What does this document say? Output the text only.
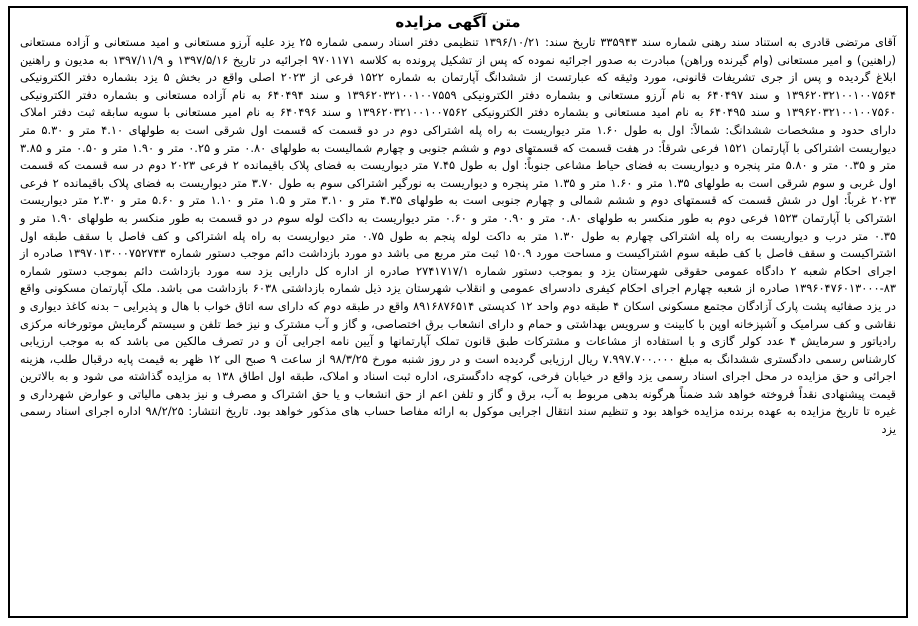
متن آگهی مزایده

آقای مرتضی قادری به استناد سند رهنی شماره سند ۳۳۵۹۴۳ تاریخ سند: ۱۳۹۶/۱۰/۲۱ تنظیمی دفتر اسناد رسمی شماره ۲۵ یزد علیه آرزو مستعانی و امید مستعانی و آزاده مستعانی (راهنین) و امیر مستعانی (وام گیرنده وراهن) مبادرت به صدور اجرائیه نموده که پس از تشکیل پرونده به کلاسه ۹۷۰۱۱۷۱ اجرائیه در تاریخ ۱۳۹۷/۵/۱۶ و ۱۳۹۷/۱۱/۹ به مدیون و راهنین ابلاغ گردیده و پس از جری تشریفات قانونی، مورد وثیقه که عبارتست از ششدانگ آپارتمان به شماره ۱۵۲۲ فرعی از ۲۰۲۳ اصلی واقع در بخش ۵ یزد بشماره دفتر الکترونیکی ۱۳۹۶۲۰۳۲۱۰۰۱۰۰۷۵۶۴ و سند ۶۴۰۴۹۷ به نام آرزو مستعانی و بشماره دفتر الکترونیکی ۱۳۹۶۲۰۳۲۱۰۰۱۰۰۷۵۵۹ و سند ۶۴۰۴۹۴ به نام آزاده مستعانی و بشماره دفتر الکترونیکی ۱۳۹۶۲۰۳۲۱۰۰۱۰۰۷۵۶۰ و سند ۶۴۰۴۹۵ به نام امید مستعانی و بشماره دفتر الکترونیکی ۱۳۹۶۲۰۳۲۱۰۰۱۰۰۷۵۶۲ و سند ۶۴۰۴۹۶ به نام امیر مستعانی با سویه سابقه ثبت دفتر املاک دارای حدود و مشخصات ششدانگ: شمالاً: اول به طول ۱.۶۰ متر دیواریست به راه پله اشتراکی دوم در دو قسمت که قسمت اول شرقی است به طولهای ۴.۱۰ متر و ۵.۳۰ متر دیواریست اشتراکی با آپارتمان ۱۵۲۱ فرعی شرقاً: در هفت قسمت که قسمتهای دوم و ششم جنوبی و چهارم شمالیست به طولهای ۰.۸۰ متر و ۰.۲۵ متر و ۱.۹۰ متر و ۰.۵۰ متر و ۳.۸۵ متر و ۰.۳۵ متر و ۵.۸۰ متر پنجره و دیواریست به فضای حیاط مشاعی جنوباً: اول به طول ۷.۴۵ متر دیواریست به فضای پلاک باقیمانده ۲ فرعی ۲۰۲۳ دوم در سه قسمت که قسمت اول غربی و سوم شرقی است به طولهای ۱.۳۵ متر و ۱.۶۰ متر و ۱.۳۵ متر پنجره و دیواریست به نورگیر اشتراکی سوم به طول ۳.۷۰ متر دیواریست به فضای پلاک باقیمانده ۲ فرعی ۲۰۲۳ غرباً: اول در شش قسمت که قسمتهای دوم و ششم شمالی و چهارم جنوبی است به طولهای ۴.۳۵ متر و ۳.۱۰ متر و ۱.۵ متر و ۱.۱۰ متر و ۵.۶۰ متر و ۲.۳۰ متر دیواریست اشتراکی با آپارتمان ۱۵۲۳ فرعی دوم به طور منکسر به طولهای ۰.۸۰ متر و ۰.۹۰ متر و ۰.۶۰ متر دیواریست به داکت لوله سوم در دو قسمت به طور منکسر به طولهای ۱.۹۰ متر و ۰.۳۵ متر درب و دیواریست به راه پله اشتراکی چهارم به طول ۱.۳۰ متر به داکت لوله پنجم به طول ۰.۷۵ متر دیواریست به راه پله اشتراکی و کف فاصل با سقف طبقه اول اشتراکیست و سقف فاصل با کف طبقه سوم اشتراکیست و مساحت مورد ۱۵۰.۹ ثبت متر مربع می باشد دو مورد بازداشت دائم موجب دستور شماره ۱۳۹۷۰۱۳۰۰۰۷۵۲۷۴۳ صادره از اجرای احکام شعبه ۲ دادگاه عمومی حقوقی شهرستان یزد و بموجب دستور شماره ۲۷۴۱۷۱۷/۱ صادره از اداره کل دارایی یزد سه مورد بازداشت دائم بموجب دستور شماره ۸۳-۱۳۹۶۰۴۷۶۰۱۳۰۰۰ صادره از شعبه چهارم اجرای احکام کیفری دادسرای عمومی و انقلاب شهرستان یزد ذیل شماره بازداشتی ۶۰۳۸ بازداشت می باشد. ملک آپارتمان مسکونی واقع در یزد صفائیه پشت پارک آزادگان مجتمع مسکونی اسکان ۴ طبقه دوم واحد ۱۲ کدپستی ۸۹۱۶۸۷۶۵۱۴ واقع در طبقه دوم که دارای سه اتاق خواب با هال و پذیرایی – بدنه کاغذ دیواری و نقاشی و کف سرامیک و آشپزخانه اوپن با کابینت و سرویس بهداشتی و حمام و دارای انشعاب برق اختصاصی، و گاز و آب مشترک و نیز خط تلفن و سیستم گرمایش موتورخانه مرکزی رادیاتور و سرمایش ۴ عدد کولر گازی و با استفاده از مشاعات و مشترکات طبق قانون تملک آپارتمانها و آیین نامه اجرایی آن و در تصرف مالکین می باشد که به موجب ارزیابی کارشناس رسمی دادگستری ششدانگ به مبلغ ۷.۹۹۷.۷۰۰.۰۰۰ ریال ارزیابی گردیده است و در روز شنبه مورخ ۹۸/۳/۲۵ از ساعت ۹ صبح الی ۱۲ ظهر به قیمت پایه درقبال طلب، هزینه اجرائی و حق مزایده در محل اجرای اسناد رسمی یزد واقع در خیابان فرخی، کوچه دادگستری، اداره ثبت اسناد و املاک، طبقه اول اطاق ۱۳۸ به مزایده گذاشته می شود و به بالاترین قیمت پیشنهادی نقداً فروخته خواهد شد ضمناً هرگونه بدهی مربوط به آب، برق و گاز و تلفن اعم از حق انشعاب و یا حق اشتراک و مصرف و نیز بدهی مالیاتی و عوارض شهرداری و غیره تا تاریخ مزایده به عهده برنده مزایده خواهد بود و تنظیم سند انتقال اجرایی موکول به ارائه مفاصا حساب های مذکور خواهد بود. تاریخ انتشار: ۹۸/۲/۲۵ اداره اجرای اسناد رسمی یزد
